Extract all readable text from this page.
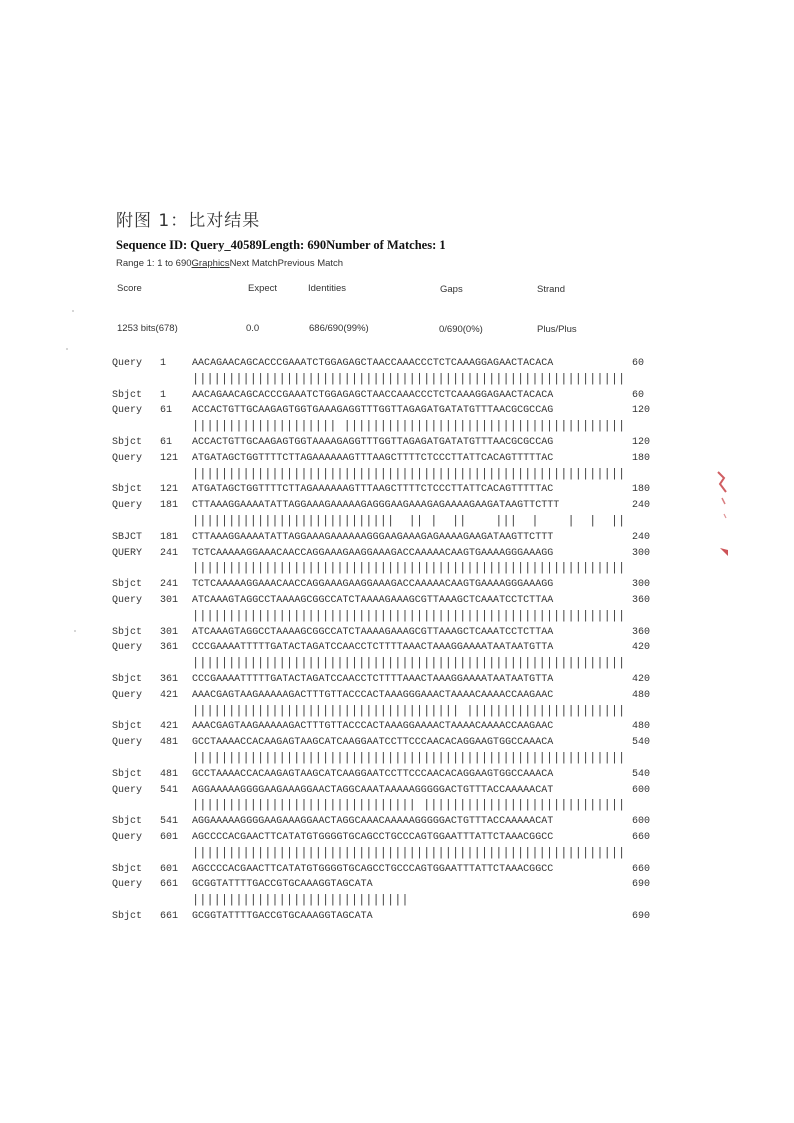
附图 1：比对结果
Sequence ID: Query_40589Length: 690Number of Matches: 1
Range 1: 1 to 690GraphicsNext MatchPrevious Match
Score	Expect	Identities	Gaps	Strand
1253 bits(678)	0.0	686/690(99%)	0/690(0%)	Plus/Plus
Query	1	AACAGAACAGCACCCGAAATCTGGAGAGCTAACCAAACCCTCTCAAAGGAGAACTACACA	60
||||||||||||||||||||||||||||||||||||||||||||||||||||||||||||
Sbjct	1	AACAGAACAGCACCCGAAATCTGGAGAGCTAACCAAACCCTCTCAAAGGAGAACTACACA	60
Query	61	ACCACTGTTGCAAGAGTGGTGAAAGAGGTTTGGTTAGAGATGATATGTTTAACGCGCCAG	120
|||||||||||||||||||| |||||||||||||||||||||||||||||||||||||||
Sbjct	61	ACCACTGTTGCAAGAGTGGTAAAAGAGGTTTGGTTAGAGATGATATGTTTAACGCGCCAG	120
Query	121	ATGATAGCTGGTTTTCTTAGAAAAAAGTTTAAGCTTTTCTCCCTTATTCACAGTTTTTAC	180
||||||||||||||||||||||||||||||||||||||||||||||||||||||||||||
Sbjct	121	ATGATAGCTGGTTTTCTTAGAAAAAAGTTTAAGCTTTTCTCCCTTATTCACAGTTTTTAC	180
Query	181	CTTAAAGGAAAATATTAGGAAAGAAAAAGAGGGAAGAAAGAGAAAAGAAGATAAGTTCTTT	240
||||||||||||||||||||||||||||  || |  ||    |||  |    |  |  ||
SBJCT	181	CTTAAAGGAAAATATTAGGAAAGAAAAAAGGGAAGAAAGAGAAAAGAAGATAAGTTCTTT	240
QUERY	241	TCTCAAAAAGGAAACAACCAGGAAAGAAGGAAAGACCAAAAACAAGTGAAAAGGGAAAGG	300
||||||||||||||||||||||||||||||||||||||||||||||||||||||||||||
Sbjct	241	TCTCAAAAAGGAAACAACCAGGAAAGAAGGAAAGACCAAAAACAAGTGAAAAGGGAAAGG	300
Query	301	ATCAAAGTAGGCCTAAAAGCGGCCATCTAAAAGAAAGCGTTAAAGCTCAAATCCTCTTAA	360
||||||||||||||||||||||||||||||||||||||||||||||||||||||||||||
Sbjct	301	ATCAAAGTAGGCCTAAAAGCGGCCATCTAAAAGAAAGCGTTAAAGCTCAAATCCTCTTAA	360
Query	361	CCCGAAAATTTTTGATACTAGATCCAACCTCTTTTAAACTAAAGGAAAATAATAATGTTA	420
||||||||||||||||||||||||||||||||||||||||||||||||||||||||||||
Sbjct	361	CCCGAAAATTTTTGATACTAGATCCAACCTCTTTTAAACTAAAGGAAAATAATAATGTTA	420
Query	421	AAACGAGTAAGAAAAAGACTTTGTTACCCACTAAAGGGAAACTAAAACAAAACCAAGAAC	480
||||||||||||||||||||||||||||||||||||| ||||||||||||||||||||||
Sbjct	421	AAACGAGTAAGAAAAAGACTTTGTTACCCACTAAAGGAAAACTAAAACAAAACCAAGAAC	480
Query	481	GCCTAAAACCACAAGAGTAAGCATCAAGGAATCCTTCCCAACACAGGAAGTGGCCAAACA	540
||||||||||||||||||||||||||||||||||||||||||||||||||||||||||||
Sbjct	481	GCCTAAAACCACAAGAGTAAGCATCAAGGAATCCTTCCCAACACAGGAAGTGGCCAAACA	540
Query	541	AGGAAAAAGGGGAAGAAAGGAACTAGGCAAATAAAAAGGGGGACTGTTTACCAAAAACAT	600
||||||||||||||||||||||||||||||| ||||||||||||||||||||||||||||
Sbjct	541	AGGAAAAAGGGGAAGAAAGGAACTAGGCAAACAAAAAGGGGGACTGTTTACCAAAAACAT	600
Query	601	AGCCCCACGAACTTCATATGTGGGGTGCAGCCTGCCCAGTGGAATTTATTCTAAACGGCC	660
||||||||||||||||||||||||||||||||||||||||||||||||||||||||||||
Sbjct	601	AGCCCCACGAACTTCATATGTGGGGTGCAGCCTGCCCAGTGGAATTTATTCTAAACGGCC	660
Query	661	GCGGTATTTTGACCGTGCAAAGGTAGCATA	690
||||||||||||||||||||||||||||||
Sbjct	661	GCGGTATTTTGACCGTGCAAAGGTAGCATA	690
